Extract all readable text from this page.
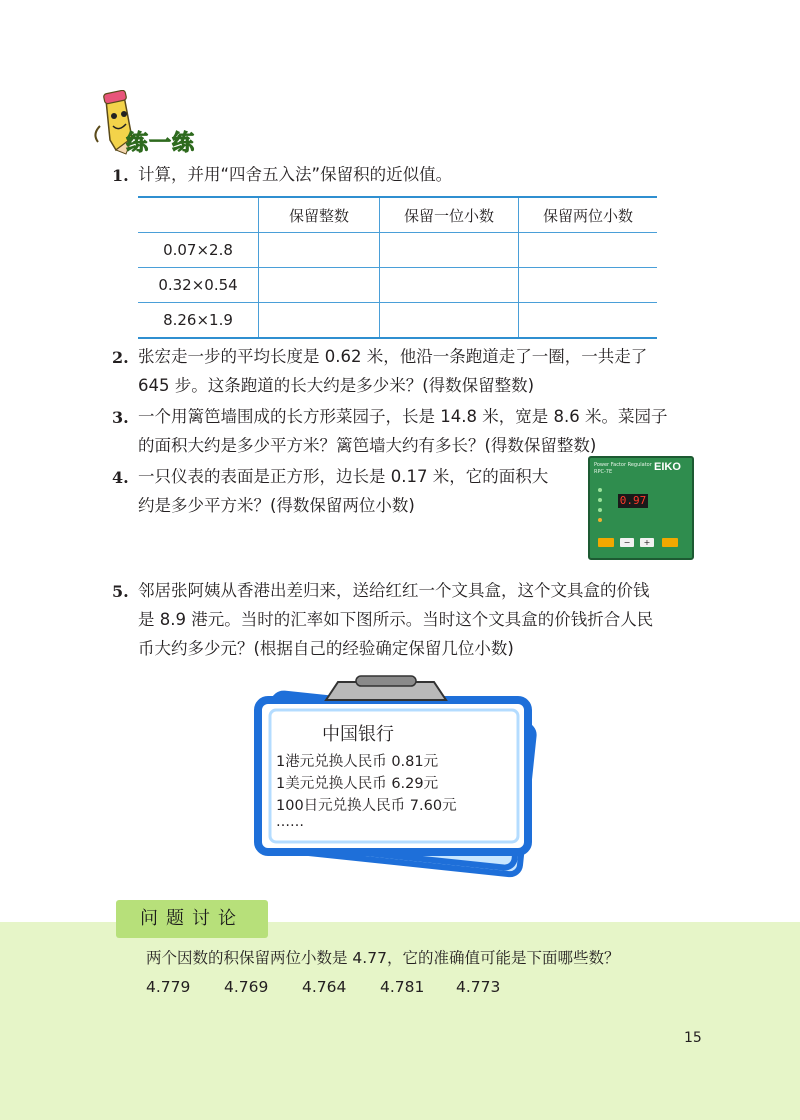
练一练
1. 计算，并用“四舍五入法”保留积的近似值。
	保留整数	保留一位小数	保留两位小数
0.07×2.8			
0.32×0.54			
8.26×1.9			
2. 张宏走一步的平均长度是 0.62 米，他沿一条跑道走了一圈，一共走了
645 步。这条跑道的长大约是多少米？(得数保留整数)
3. 一个用篱笆墙围成的长方形菜园子，长是 14.8 米，宽是 8.6 米。菜园子
的面积大约是多少平方米？篱笆墙大约有多长？(得数保留整数)
4. 一只仪表的表面是正方形，边长是 0.17 米，它的面积大
约是多少平方米？(得数保留两位小数)
Power Factor Regulator
RPC-7E	EIKO
0.97
−	+
5. 邻居张阿姨从香港出差归来，送给红红一个文具盒，这个文具盒的价钱
是 8.9 港元。当时的汇率如下图所示。当时这个文具盒的价钱折合人民
币大约多少元？(根据自己的经验确定保留几位小数)
中国银行
1港元兑换人民币 0.81元
1美元兑换人民币 6.29元
100日元兑换人民币 7.60元
……
问题讨论
两个因数的积保留两位小数是 4.77，它的准确值可能是下面哪些数？
4.779 4.769 4.764 4.781 4.773
15
